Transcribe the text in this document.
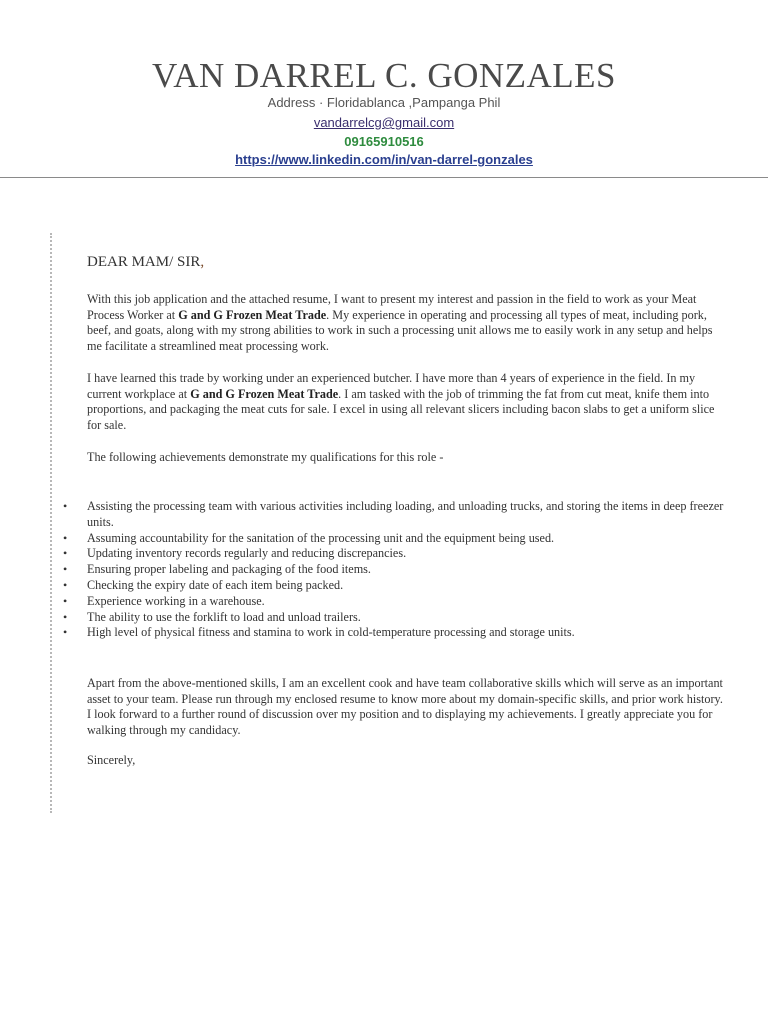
VAN DARREL C. GONZALES
Address · Floridablanca ,Pampanga Phil
vandarrelcg@gmail.com
09165910516
https://www.linkedin.com/in/van-darrel-gonzales
DEAR MAM/ SIR,

With this job application and the attached resume, I want to present my interest and passion in the field to work as your Meat Process Worker at G and G Frozen Meat Trade. My experience in operating and processing all types of meat, including pork, beef, and goats, along with my strong abilities to work in such a processing unit allows me to easily work in any setup and helps me facilitate a streamlined meat processing work.

I have learned this trade by working under an experienced butcher. I have more than 4 years of experience in the field. In my current workplace at G and G Frozen Meat Trade. I am tasked with the job of trimming the fat from cut meat, knife them into proportions, and packaging the meat cuts for sale. I excel in using all relevant slicers including bacon slabs to get a uniform slice for sale.

The following achievements demonstrate my qualifications for this role -

• Assisting the processing team with various activities including loading, and unloading trucks, and storing the items in deep freezer units.
• Assuming accountability for the sanitation of the processing unit and the equipment being used.
• Updating inventory records regularly and reducing discrepancies.
• Ensuring proper labeling and packaging of the food items.
• Checking the expiry date of each item being packed.
• Experience working in a warehouse.
• The ability to use the forklift to load and unload trailers.
• High level of physical fitness and stamina to work in cold-temperature processing and storage units.

Apart from the above-mentioned skills, I am an excellent cook and have team collaborative skills which will serve as an important asset to your team. Please run through my enclosed resume to know more about my domain-specific skills, and prior work history. I look forward to a further round of discussion over my position and to displaying my achievements. I greatly appreciate you for walking through my candidacy.

Sincerely,
